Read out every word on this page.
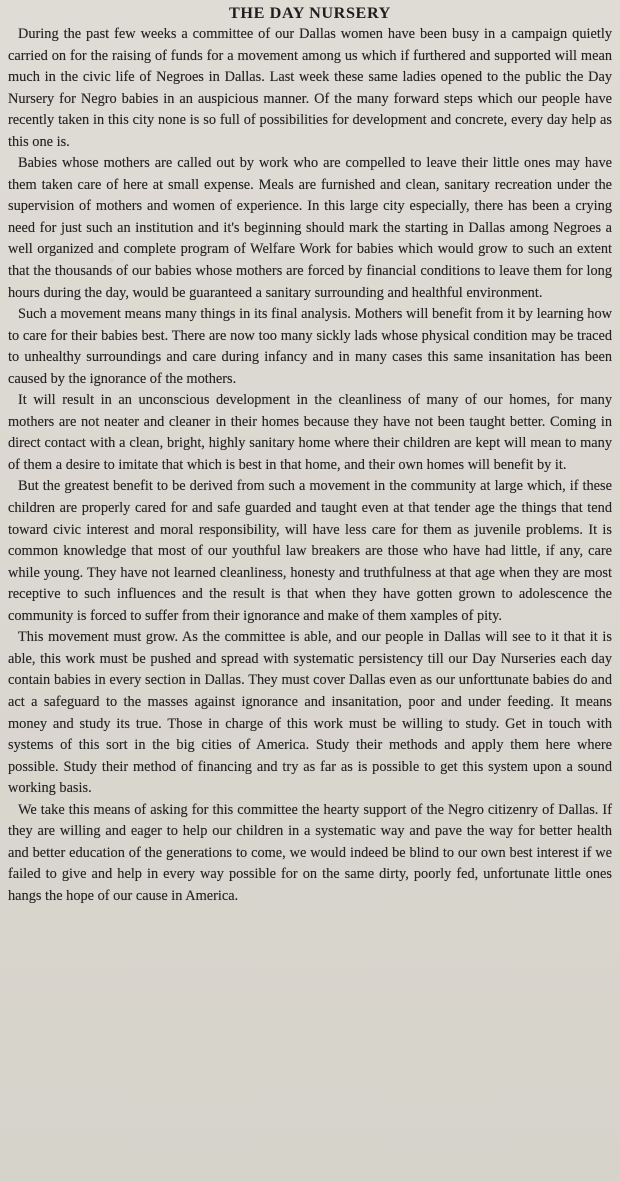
THE DAY NURSERY

During the past few weeks a committee of our Dallas women have been busy in a campaign quietly carried on for the raising of funds for a movement among us which if furthered and supported will mean much in the civic life of Negroes in Dallas. Last week these same ladies opened to the public the Day Nursery for Negro babies in an auspicious manner. Of the many forward steps which our people have recently taken in this city none is so full of possibilities for development and concrete, every day help as this one is.

Babies whose mothers are called out by work who are compelled to leave their little ones may have them taken care of here at small expense. Meals are furnished and clean, sanitary recreation under the supervision of mothers and women of experience. In this large city especially, there has been a crying need for just such an institution and it's beginning should mark the starting in Dallas among Negroes a well organized and complete program of Welfare Work for babies which would grow to such an extent that the thousands of our babies whose mothers are forced by financial conditions to leave them for long hours during the day, would be guaranteed a sanitary surrounding and healthful environment.

Such a movement means many things in its final analysis. Mothers will benefit from it by learning how to care for their babies best. There are now too many sickly lads whose physical condition may be traced to unhealthy surroundings and care during infancy and in many cases this same insanitation has been caused by the ignorance of the mothers.

It will result in an unconscious development in the cleanliness of many of our homes, for many mothers are not neater and cleaner in their homes because they have not been taught better. Coming in direct contact with a clean, bright, highly sanitary home where their children are kept will mean to many of them a desire to imitate that which is best in that home, and their own homes will benefit by it.

But the greatest benefit to be derived from such a movement in the community at large which, if these children are properly cared for and safe guarded and taught even at that tender age the things that tend toward civic interest and moral responsibility, will have less care for them as juvenile problems. It is common knowledge that most of our youthful law breakers are those who have had little, if any, care while young. They have not learned cleanliness, honesty and truthfulness at that age when they are most receptive to such influences and the result is that when they have gotten grown to adolescence the community is forced to suffer from their ignorance and make of them xamples of pity.

This movement must grow. As the committee is able, and our people in Dallas will see to it that it is able, this work must be pushed and spread with systematic persistency till our Day Nurseries each day contain babies in every section in Dallas. They must cover Dallas even as our unforttunate babies do and act a safeguard to the masses against ignorance and insanitation, poor and under feeding. It means money and study its true. Those in charge of this work must be willing to study. Get in touch with systems of this sort in the big cities of America. Study their methods and apply them here where possible. Study their method of financing and try as far as is possible to get this system upon a sound working basis.

We take this means of asking for this committee the hearty support of the Negro citizenry of Dallas. If they are willing and eager to help our children in a systematic way and pave the way for better health and better education of the generations to come, we would indeed be blind to our own best interest if we failed to give and help in every way possible for on the same dirty, poorly fed, unfortunate little ones hangs the hope of our cause in America.
